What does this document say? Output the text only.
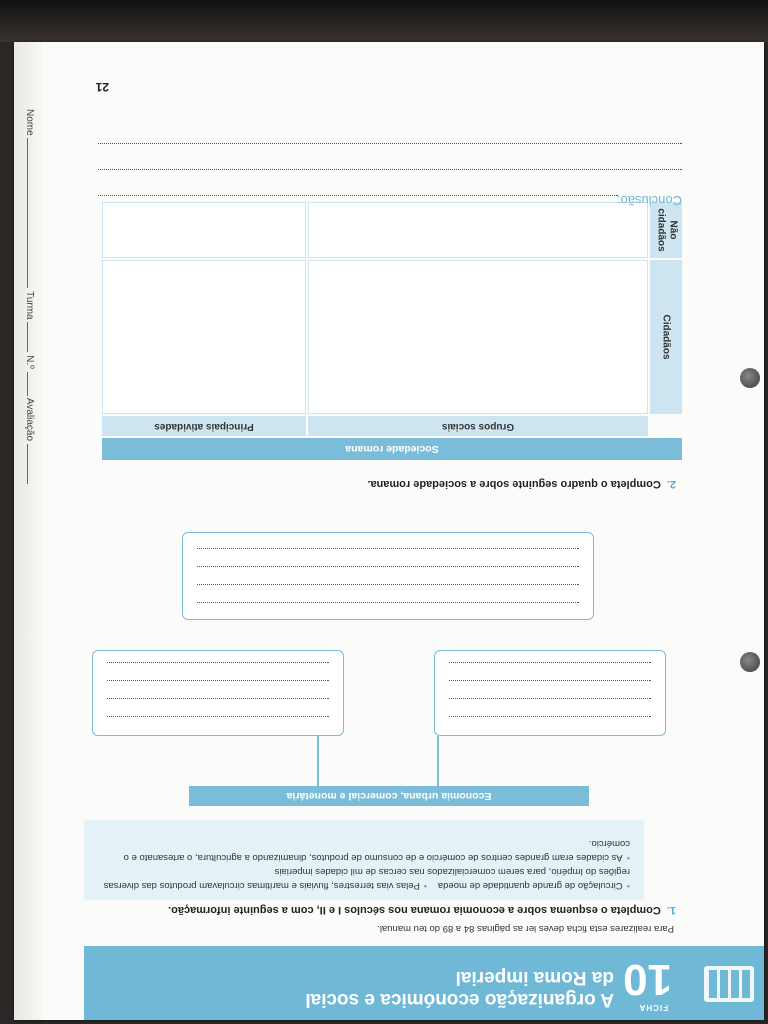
FICHA
10
A organização económica e social
da Roma imperial
Para realizares esta ficha deves ler as páginas 84 a 89 do teu manual.
1.Completa o esquema sobre a economia romana nos séculos I e II, com a seguinte informação.
•Circulação de grande quantidade de moeda •Pelas vias terrestres, fluviais e marítimas circulavam produtos das diversas regiões do Império, para serem comercializados nas cercas de mil cidades imperiais
•As cidades eram grandes centros de comércio e de consumo de produtos, dinamizando a agricultura, o artesanato e o comércio.
Economia urbana, comercial e monetária
2.Completa o quadro seguinte sobre a sociedade romana.
Sociedade romana
Grupos sociais
Principais atividades
Cidadãos
Não cidadãos
Conclusão:
21
Nome  Turma  N.º  Avaliação
